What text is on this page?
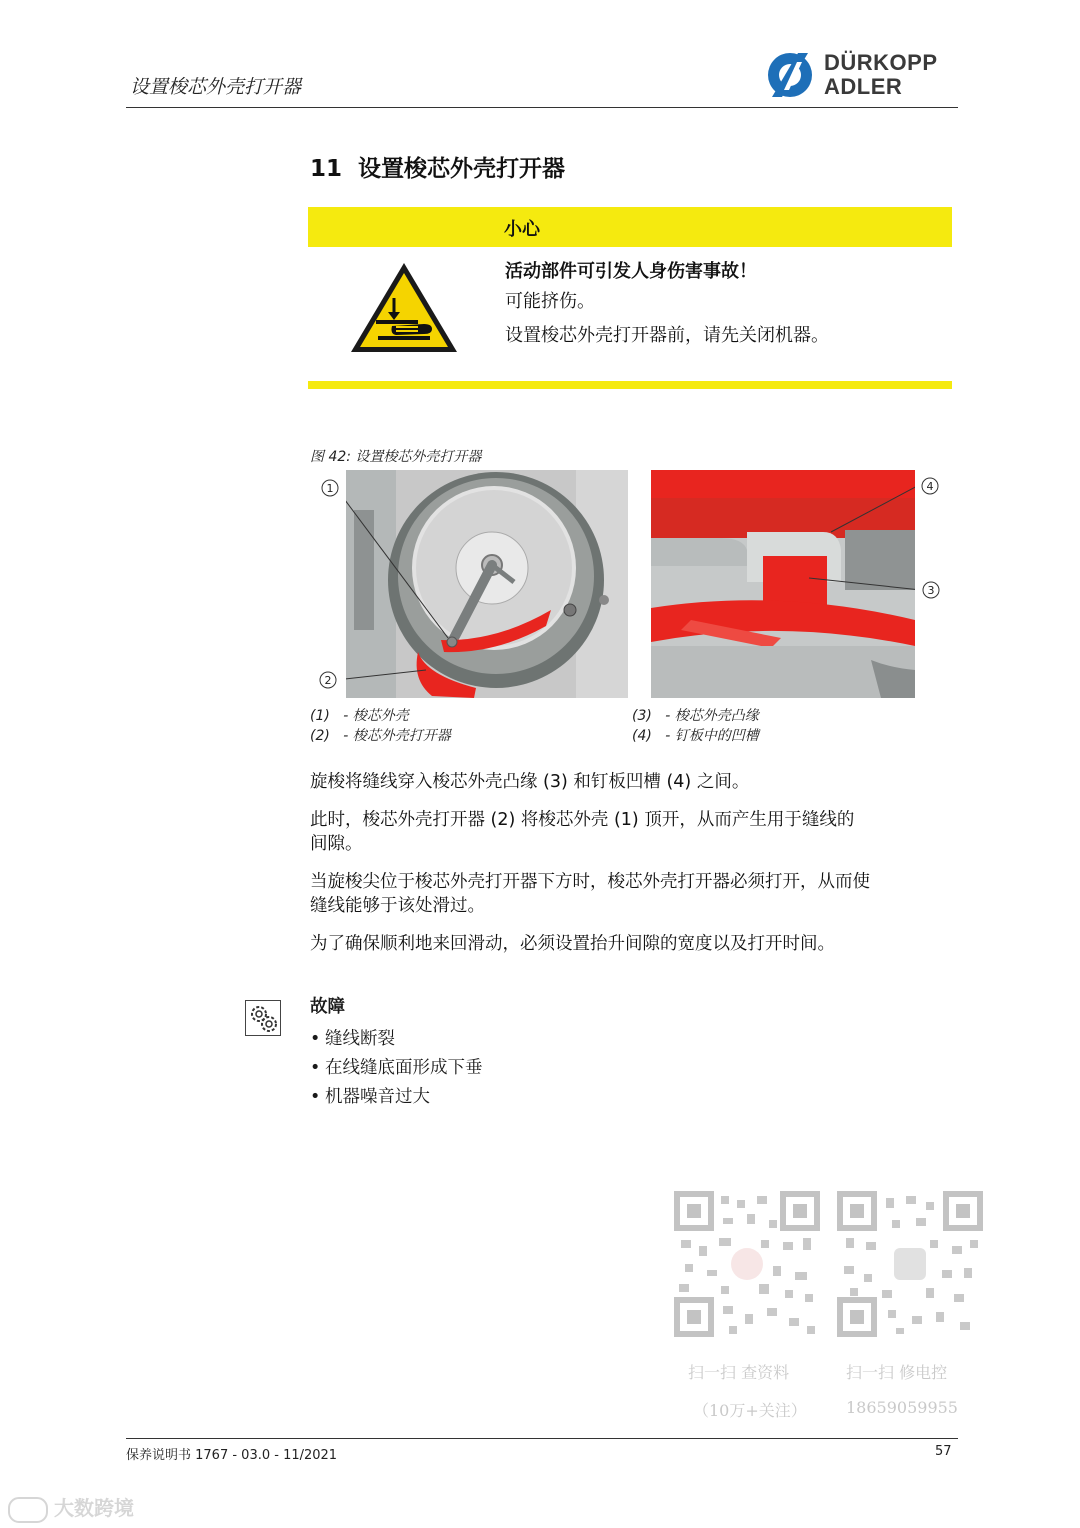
设置梭芯外壳打开器
DÜRKOPP
ADLER
11 设置梭芯外壳打开器
小心
活动部件可引发人身伤害事故！
可能挤伤。
设置梭芯外壳打开器前，请先关闭机器。
图 42: 设置梭芯外壳打开器
1
2
3
4
(1) - 梭芯外壳
(2) - 梭芯外壳打开器
(3) - 梭芯外壳凸缘
(4) - 钉板中的凹槽
旋梭将缝线穿入梭芯外壳凸缘 (3) 和钉板凹槽 (4) 之间。
此时，梭芯外壳打开器 (2) 将梭芯外壳 (1) 顶开，从而产生用于缝线的
间隙。
当旋梭尖位于梭芯外壳打开器下方时，梭芯外壳打开器必须打开，从而使
缝线能够于该处滑过。
为了确保顺利地来回滑动，必须设置抬升间隙的宽度以及打开时间。
故障
• 缝线断裂
• 在线缝底面形成下垂
• 机器噪音过大
扫一扫 查资料
（10万+关注）
扫一扫 修电控
18659059955
保养说明书 1767 - 03.0 - 11/2021	57
大数跨境
